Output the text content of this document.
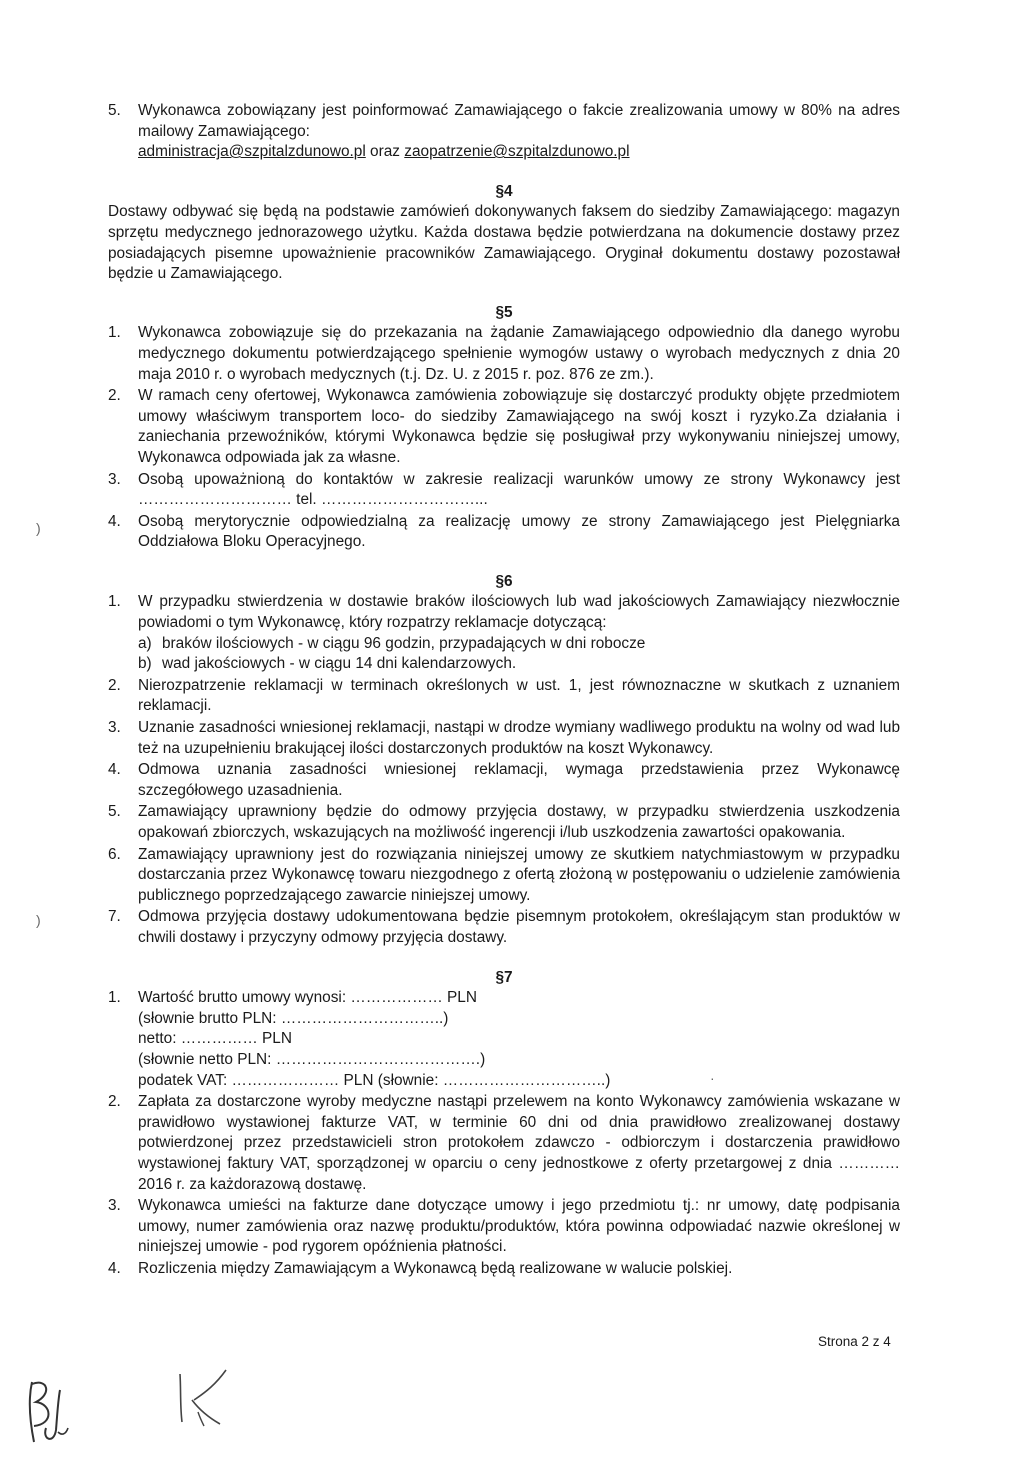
5.	Wykonawca zobowiązany jest poinformować Zamawiającego o fakcie zrealizowania umowy w 80% na adres mailowy Zamawiającego:
administracja@szpitalzdunowo.pl oraz zaopatrzenie@szpitalzdunowo.pl
§4

Dostawy odbywać się będą na podstawie zamówień dokonywanych faksem do siedziby Zamawiającego: magazyn sprzętu medycznego jednorazowego użytku. Każda dostawa będzie potwierdzana na dokumencie dostawy przez posiadających pisemne upoważnienie pracowników Zamawiającego. Oryginał dokumentu dostawy pozostawał będzie u Zamawiającego.

§5
1.	Wykonawca zobowiązuje się do przekazania na żądanie Zamawiającego odpowiednio dla danego wyrobu medycznego dokumentu potwierdzającego spełnienie wymogów ustawy o wyrobach medycznych z dnia 20 maja 2010 r. o wyrobach medycznych (t.j. Dz. U. z 2015 r. poz. 876 ze zm.).
2.	W ramach ceny ofertowej, Wykonawca zamówienia zobowiązuje się dostarczyć produkty objęte przedmiotem umowy właściwym transportem loco- do siedziby Zamawiającego na swój koszt i ryzyko.Za działania i zaniechania przewoźników, którymi Wykonawca będzie się posługiwał przy wykonywaniu niniejszej umowy, Wykonawca odpowiada jak za własne.
3.	Osobą upoważnioną do kontaktów w zakresie realizacji warunków umowy ze strony Wykonawcy jest ………………………… tel. …………………………...
4.	Osobą merytorycznie odpowiedzialną za realizację umowy ze strony Zamawiającego jest Pielęgniarka Oddziałowa Bloku Operacyjnego.
§6
1.	W przypadku stwierdzenia w dostawie braków ilościowych lub wad jakościowych Zamawiający niezwłocznie powiadomi o tym Wykonawcę, który rozpatrzy reklamacje dotyczącą:
a) braków ilościowych - w ciągu 96 godzin, przypadających w dni robocze
b) wad jakościowych - w ciągu 14 dni kalendarzowych.
2.	Nierozpatrzenie reklamacji w terminach określonych w ust. 1, jest równoznaczne w skutkach z uznaniem reklamacji.
3.	Uznanie zasadności wniesionej reklamacji, nastąpi w drodze wymiany wadliwego produktu na wolny od wad lub też na uzupełnieniu brakującej ilości dostarczonych produktów na koszt Wykonawcy.
4.	Odmowa uznania zasadności wniesionej reklamacji, wymaga przedstawienia przez Wykonawcę szczegółowego uzasadnienia.
5.	Zamawiający uprawniony będzie do odmowy przyjęcia dostawy, w przypadku stwierdzenia uszkodzenia opakowań zbiorczych, wskazujących na możliwość ingerencji i/lub uszkodzenia zawartości opakowania.
6.	Zamawiający uprawniony jest do rozwiązania niniejszej umowy ze skutkiem natychmiastowym w przypadku dostarczania przez Wykonawcę towaru niezgodnego z ofertą złożoną w postępowaniu o udzielenie zamówienia publicznego poprzedzającego zawarcie niniejszej umowy.
7.	Odmowa przyjęcia dostawy udokumentowana będzie pisemnym protokołem, określającym stan produktów w chwili dostawy i przyczyny odmowy przyjęcia dostawy.
§7
1.	Wartość brutto umowy wynosi: ……………… PLN
(słownie brutto PLN: …………………………..)
netto: …………… PLN
(słownie netto PLN: ………………………………….)
podatek VAT: ………………… PLN (słownie: …………………………..)
2.	Zapłata za dostarczone wyroby medyczne nastąpi przelewem na konto Wykonawcy zamówienia wskazane w prawidłowo wystawionej fakturze VAT, w terminie 60 dni od dnia prawidłowo zrealizowanej dostawy potwierdzonej przez przedstawicieli stron protokołem zdawczo - odbiorczym i dostarczenia prawidłowo wystawionej faktury VAT, sporządzonej w oparciu o ceny jednostkowe z oferty przetargowej z dnia ………… 2016 r. za każdorazową dostawę.
3.	Wykonawca umieści na fakturze dane dotyczące umowy i jego przedmiotu tj.: nr umowy, datę podpisania umowy, numer zamówienia oraz nazwę produktu/produktów, która powinna odpowiadać nazwie określonej w niniejszej umowie - pod rygorem opóźnienia płatności.
4.	Rozliczenia między Zamawiającym a Wykonawcą będą realizowane w walucie polskiej.
)
)
·
Strona 2 z 4
